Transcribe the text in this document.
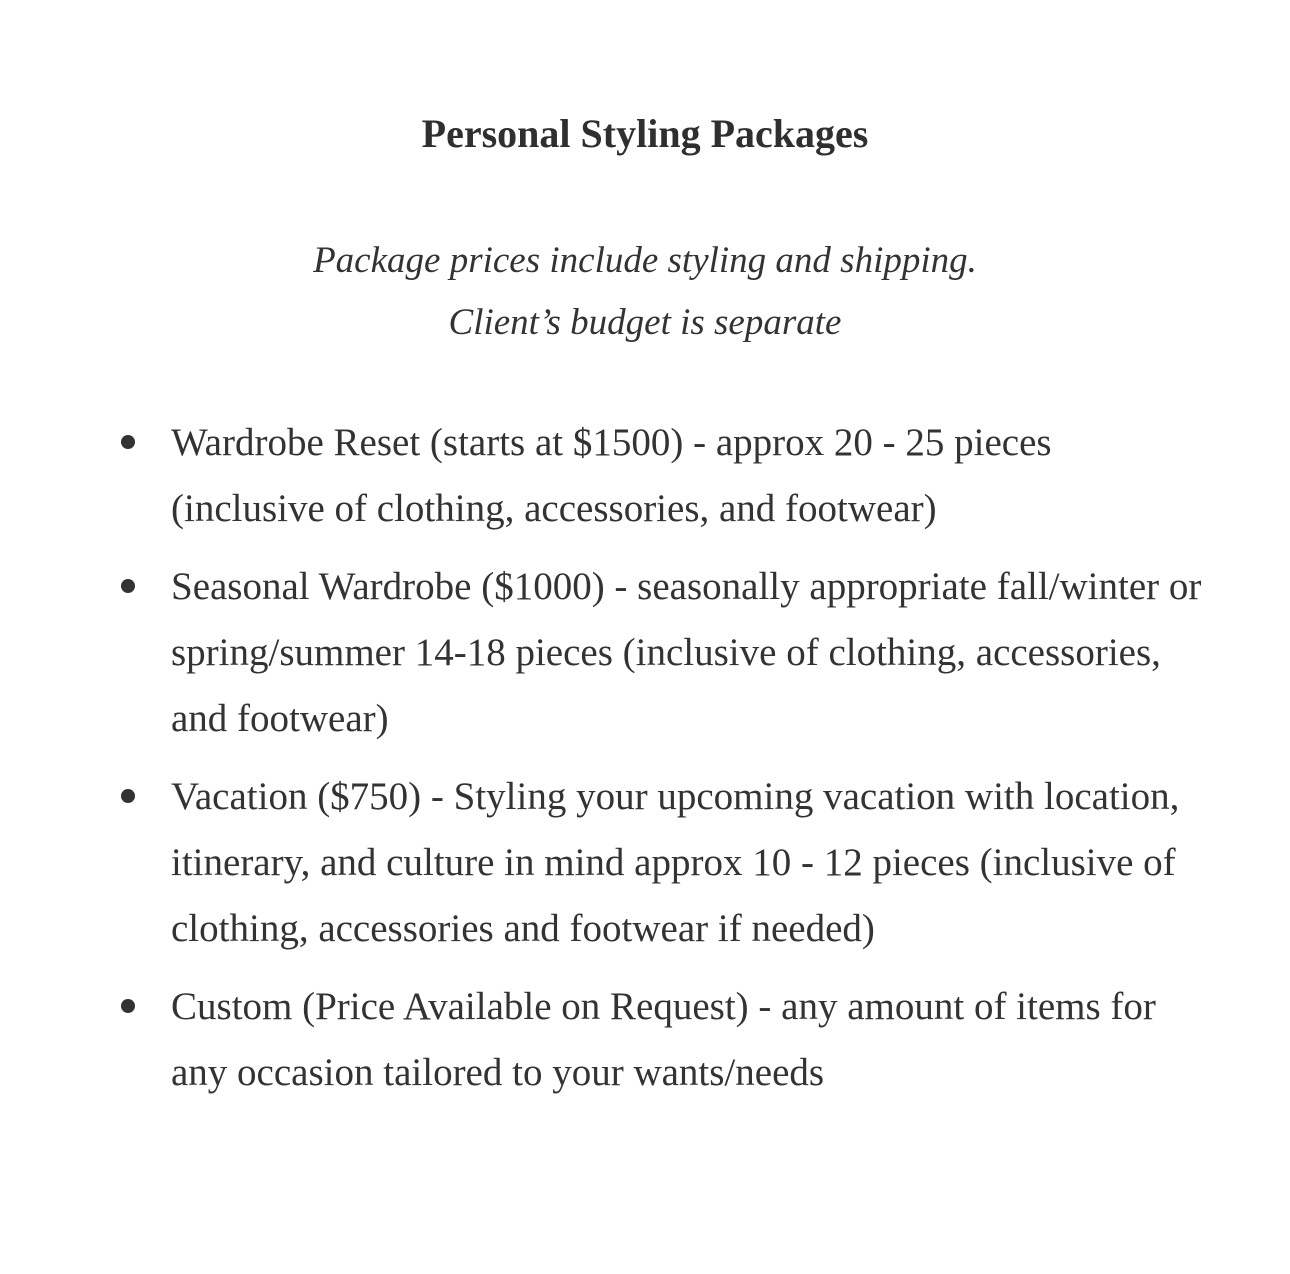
Personal Styling Packages
Package prices include styling and shipping.
Client’s budget is separate
Wardrobe Reset (starts at $1500) - approx 20 - 25 pieces (inclusive of clothing, accessories, and footwear)
Seasonal Wardrobe ($1000) - seasonally appropriate fall/winter or spring/summer 14-18 pieces (inclusive of clothing, accessories, and footwear)
Vacation ($750) - Styling your upcoming vacation with location, itinerary, and culture in mind approx 10 - 12 pieces (inclusive of clothing, accessories and footwear if needed)
Custom (Price Available on Request) - any amount of items for any occasion tailored to your wants/needs
